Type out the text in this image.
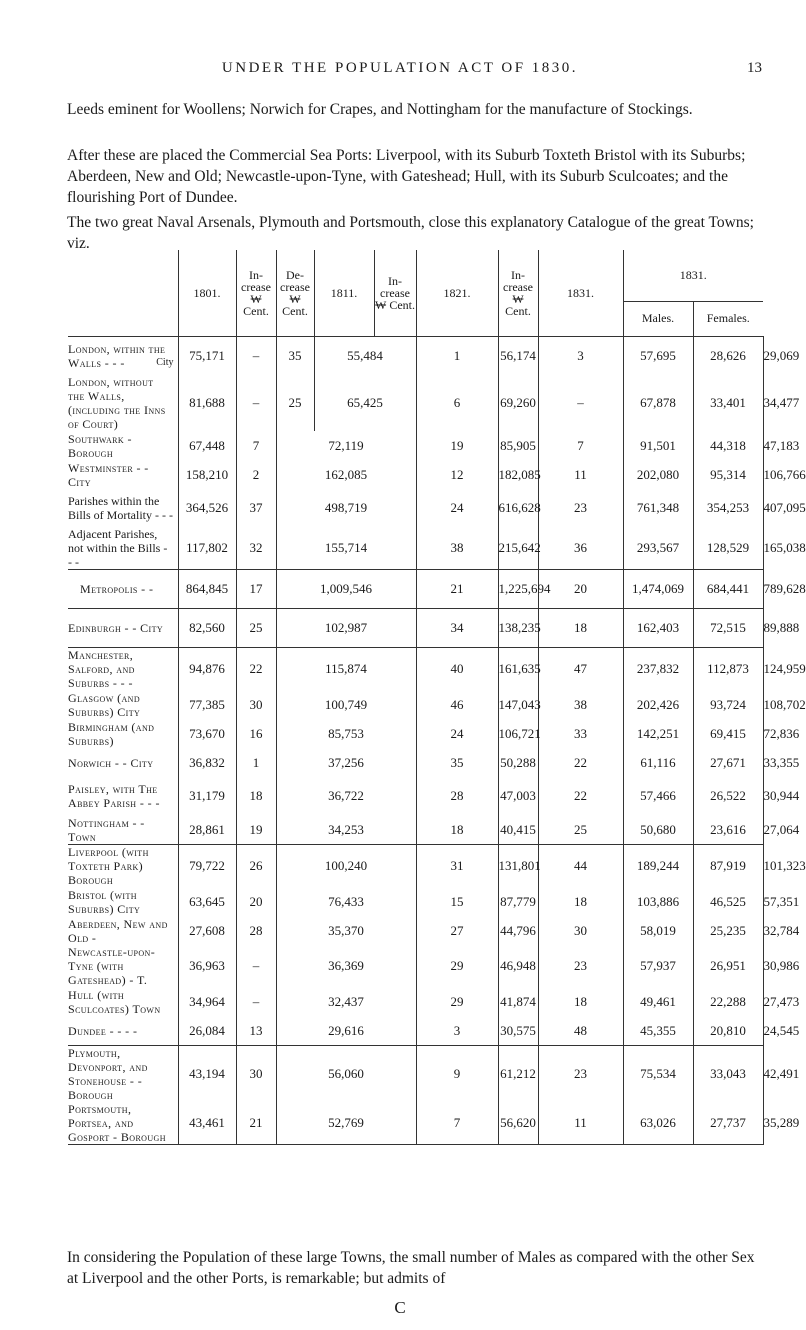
UNDER THE POPULATION ACT OF 1830.	13
Leeds eminent for Woollens; Norwich for Crapes, and Nottingham for the manufacture of Stockings.
After these are placed the Commercial Sea Ports: Liverpool, with its Suburb Toxteth Bristol with its Suburbs; Aberdeen, New and Old; Newcastle-upon-Tyne, with Gateshead; Hull, with its Suburb Sculcoates; and the flourishing Port of Dundee.
The two great Naval Arsenals, Plymouth and Portsmouth, close this explanatory Catalogue of the great Towns; viz.
	1801.	In-crease ₩ Cent.	De-crease ₩ Cent.	1811.	In-crease ₩ Cent.	1821.	In-crease ₩ Cent.	1831.	1831.		
									Males.	Females.	
London, within the Walls - - - City	75,171	–	35	55,484		1	56,174	3	57,695	28,626	29,069
London, without the Walls, (including the Inns of Court)	81,688	–	25	65,425		6	69,260	–	67,878	33,401	34,477
Southwark - Borough	67,448	7	72,119			19	85,905	7	91,501	44,318	47,183
Westminster - - City	158,210	2	162,085			12	182,085	11	202,080	95,314	106,766
Parishes within the Bills of Mortality - - -	364,526	37	498,719			24	616,628	23	761,348	354,253	407,095
Adjacent Parishes, not within the Bills - - -	117,802	32	155,714			38	215,642	36	293,567	128,529	165,038
Metropolis - -	864,845	17	1,009,546			21	1,225,694	20	1,474,069	684,441	789,628
Edinburgh - - City	82,560	25	102,987			34	138,235	18	162,403	72,515	89,888
Manchester, Salford, and Suburbs - - -	94,876	22	115,874			40	161,635	47	237,832	112,873	124,959
Glasgow (and Suburbs) City	77,385	30	100,749			46	147,043	38	202,426	93,724	108,702
Birmingham (and Suburbs)	73,670	16	85,753			24	106,721	33	142,251	69,415	72,836
Norwich - - City	36,832	1	37,256			35	50,288	22	61,116	27,671	33,355
Paisley, with The Abbey Parish - - -	31,179	18	36,722			28	47,003	22	57,466	26,522	30,944
Nottingham - - Town	28,861	19	34,253			18	40,415	25	50,680	23,616	27,064
Liverpool (with Toxteth Park) Borough	79,722	26	100,240			31	131,801	44	189,244	87,919	101,323
Bristol (with Suburbs) City	63,645	20	76,433			15	87,779	18	103,886	46,525	57,351
Aberdeen, New and Old -	27,608	28	35,370			27	44,796	30	58,019	25,235	32,784
Newcastle-upon-Tyne (with Gateshead) - T.	36,963	–	36,369			29	46,948	23	57,937	26,951	30,986
Hull (with Sculcoates) Town	34,964	–	32,437			29	41,874	18	49,461	22,288	27,473
Dundee - - - -	26,084	13	29,616			3	30,575	48	45,355	20,810	24,545
Plymouth, Devonport, and Stonehouse - - Borough	43,194	30	56,060			9	61,212	23	75,534	33,043	42,491
Portsmouth, Portsea, and Gosport - Borough	43,461	21	52,769			7	56,620	11	63,026	27,737	35,289
In considering the Population of these large Towns, the small number of Males as compared with the other Sex at Liverpool and the other Ports, is remarkable; but admits of
C
